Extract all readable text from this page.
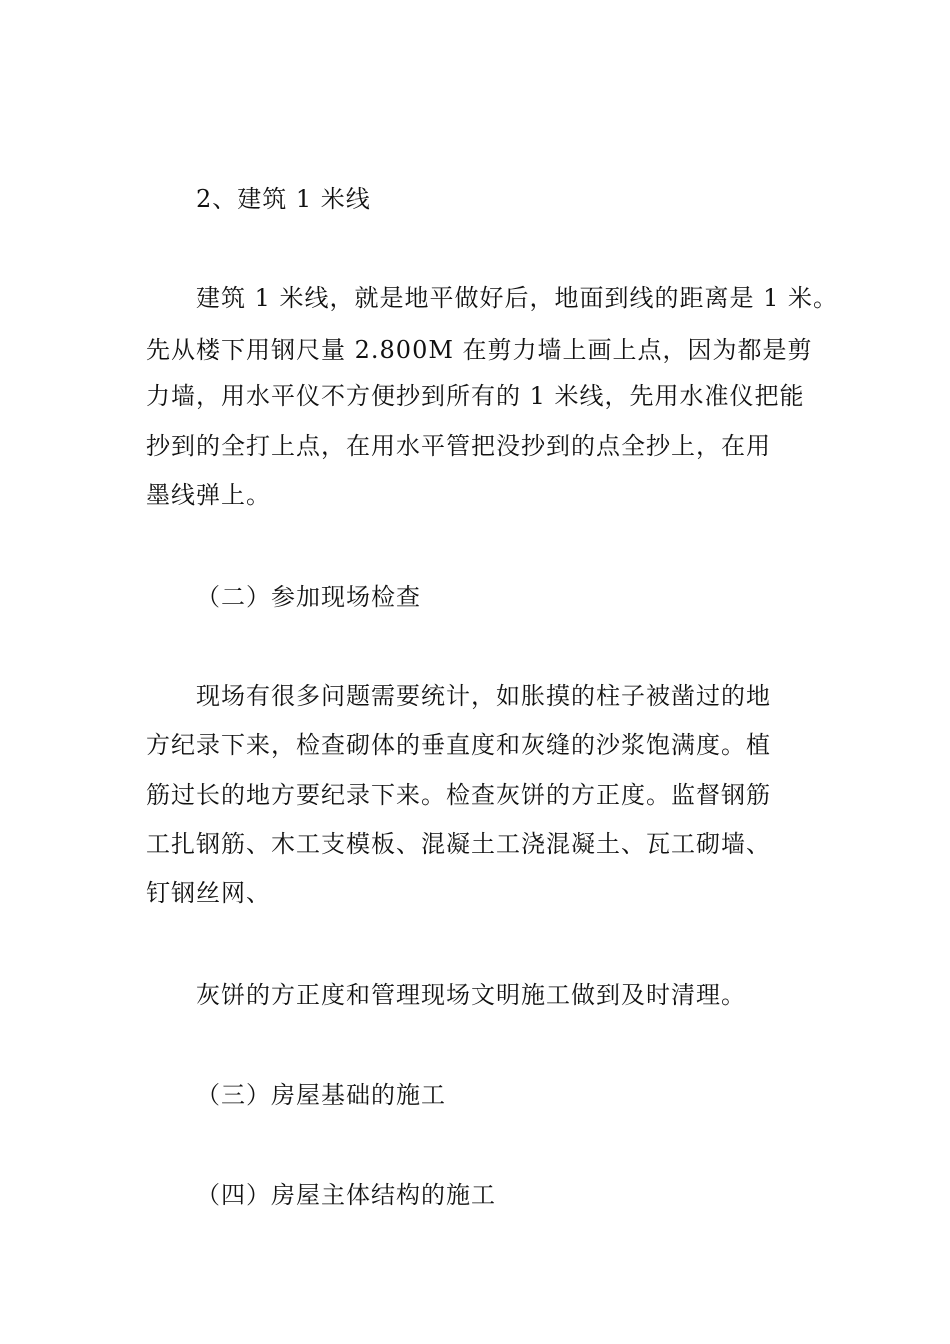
2、建筑 1 米线
建筑 1 米线，就是地平做好后，地面到线的距离是 1 米。
先从楼下用钢尺量 2.800M 在剪力墙上画上点，因为都是剪
力墙，用水平仪不方便抄到所有的 1 米线，先用水准仪把能
抄到的全打上点，在用水平管把没抄到的点全抄上，在用
墨线弹上。
（二）参加现场检查
现场有很多问题需要统计，如胀摸的柱子被凿过的地
方纪录下来，检查砌体的垂直度和灰缝的沙浆饱满度。植
筋过长的地方要纪录下来。检查灰饼的方正度。监督钢筋
工扎钢筋、木工支模板、混凝土工浇混凝土、瓦工砌墙、
钉钢丝网、
灰饼的方正度和管理现场文明施工做到及时清理。
（三）房屋基础的施工
（四）房屋主体结构的施工
